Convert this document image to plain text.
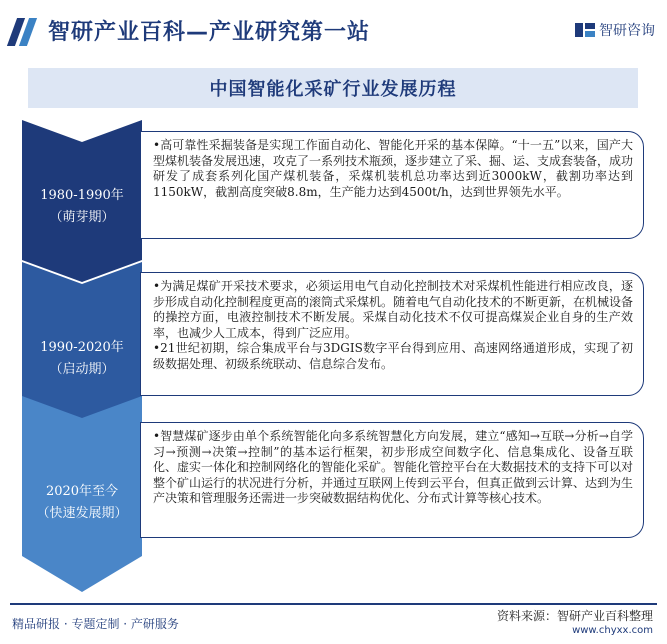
智研产业百科—产业研究第一站	智研咨询
中国智能化采矿行业发展历程
1980-1990年
（萌芽期）

•高可靠性采掘装备是实现工作面自动化、智能化开采的基本保障。“十一五”以来，国产大型煤机装备发展迅速，攻克了一系列技术瓶颈，逐步建立了采、掘、运、支成套装备，成功研发了成套系列化国产煤机装备，采煤机装机总功率达到近3000kW，截割功率达到1150kW，截割高度突破8.8m，生产能力达到4500t/h，达到世界领先水平。

1990-2020年
（启动期）

•为满足煤矿开采技术要求，必须运用电气自动化控制技术对采煤机性能进行相应改良，逐步形成自动化控制程度更高的滚筒式采煤机。随着电气自动化技术的不断更新，在机械设备的操控方面，电液控制技术不断发展。采煤自动化技术不仅可提高煤炭企业自身的生产效率，也减少人工成本，得到广泛应用。

•21世纪初期，综合集成平台与3DGIS数字平台得到应用、高速网络通道形成，实现了初级数据处理、初级系统联动、信息综合发布。

2020年至今
（快速发展期）

•智慧煤矿逐步由单个系统智能化向多系统智慧化方向发展，建立“感知→互联→分析→自学习→预测→决策→控制”的基本运行框架，初步形成空间数字化、信息集成化、设备互联化、虚实一体化和控制网络化的智能化采矿。智能化管控平台在大数据技术的支持下可以对整个矿山运行的状况进行分析，并通过互联网上传到云平台，但真正做到云计算、达到为生产决策和管理服务还需进一步突破数据结构优化、分布式计算等核心技术。

精品研报 · 专题定制 · 产研服务
资料来源：智研产业百科整理
www.chyxx.com
